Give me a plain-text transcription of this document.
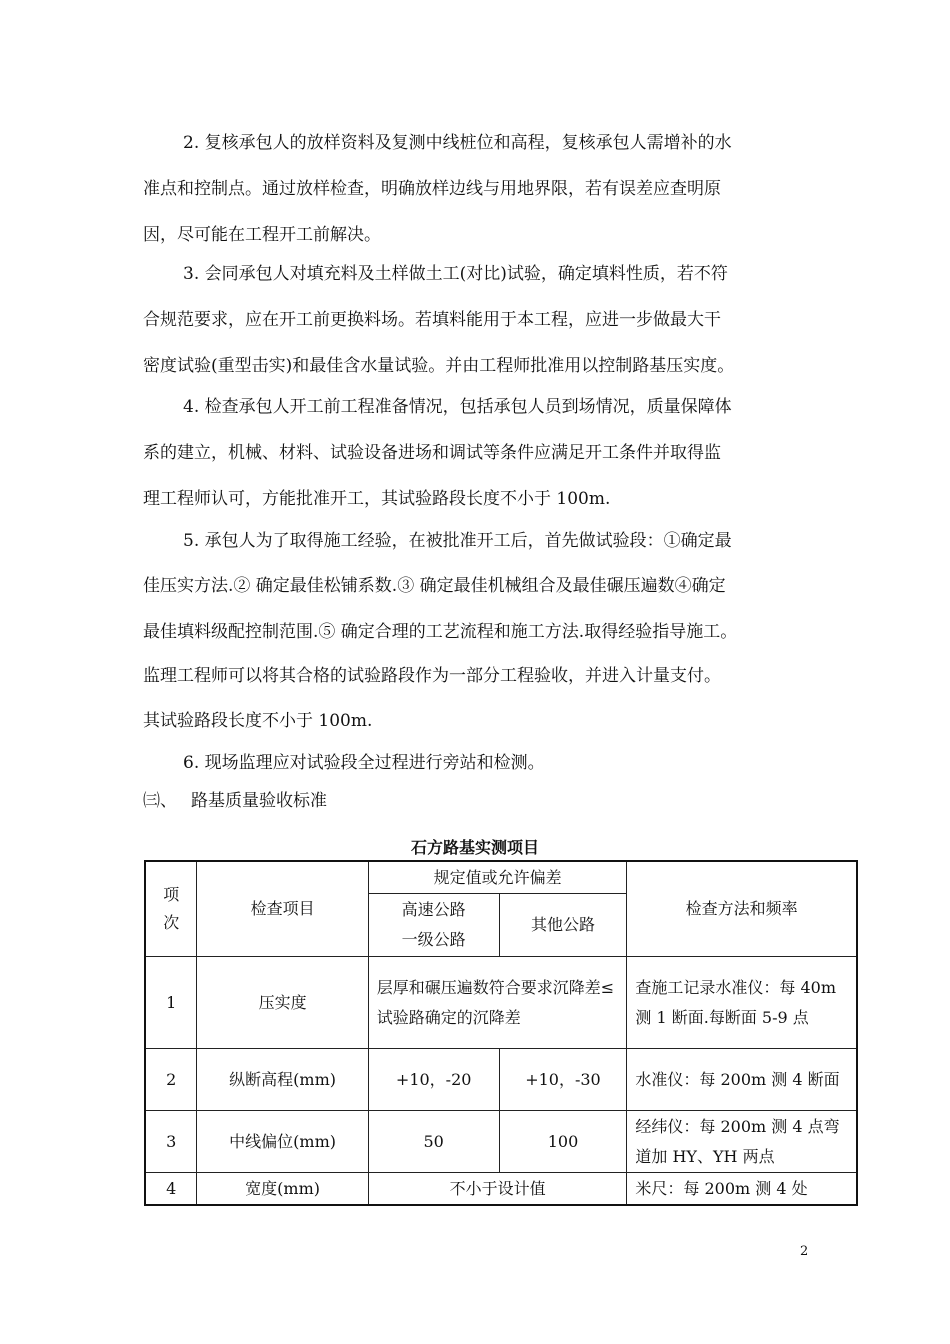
2. 复核承包人的放样资料及复测中线桩位和高程，复核承包人需增补的水
准点和控制点。通过放样检查，明确放样边线与用地界限，若有误差应查明原
因，尽可能在工程开工前解决。
3. 会同承包人对填充料及土样做土工(对比)试验，确定填料性质，若不符
合规范要求，应在开工前更换料场。若填料能用于本工程，应进一步做最大干
密度试验(重型击实)和最佳含水量试验。并由工程师批准用以控制路基压实度。
4. 检查承包人开工前工程准备情况，包括承包人员到场情况，质量保障体
系的建立，机械、材料、试验设备进场和调试等条件应满足开工条件并取得监
理工程师认可，方能批准开工，其试验路段长度不小于 100m.
5. 承包人为了取得施工经验，在被批准开工后，首先做试验段：①确定最
佳压实方法.② 确定最佳松铺系数.③ 确定最佳机械组合及最佳碾压遍数④确定
最佳填料级配控制范围.⑤ 确定合理的工艺流程和施工方法.取得经验指导施工。
监理工程师可以将其合格的试验路段作为一部分工程验收，并进入计量支付。
其试验路段长度不小于 100m.
6. 现场监理应对试验段全过程进行旁站和检测。
㈢、 路基质量验收标准
石方路基实测项目
项次	检查项目	规定值或允许偏差		检查方法和频率
		高速公路一级公路	其他公路	
1	压实度	层厚和碾压遍数符合要求沉降差≤试验路确定的沉降差		查施工记录水准仪：每 40m 测 1 断面.每断面 5-9 点
2	纵断高程(mm)	+10，-20	+10，-30	水准仪：每 200m 测 4 断面
3	中线偏位(mm)	50	100	经纬仪：每 200m 测 4 点弯道加 HY、YH 两点
4	宽度(mm)	不小于设计值		米尺：每 200m 测 4 处
2
